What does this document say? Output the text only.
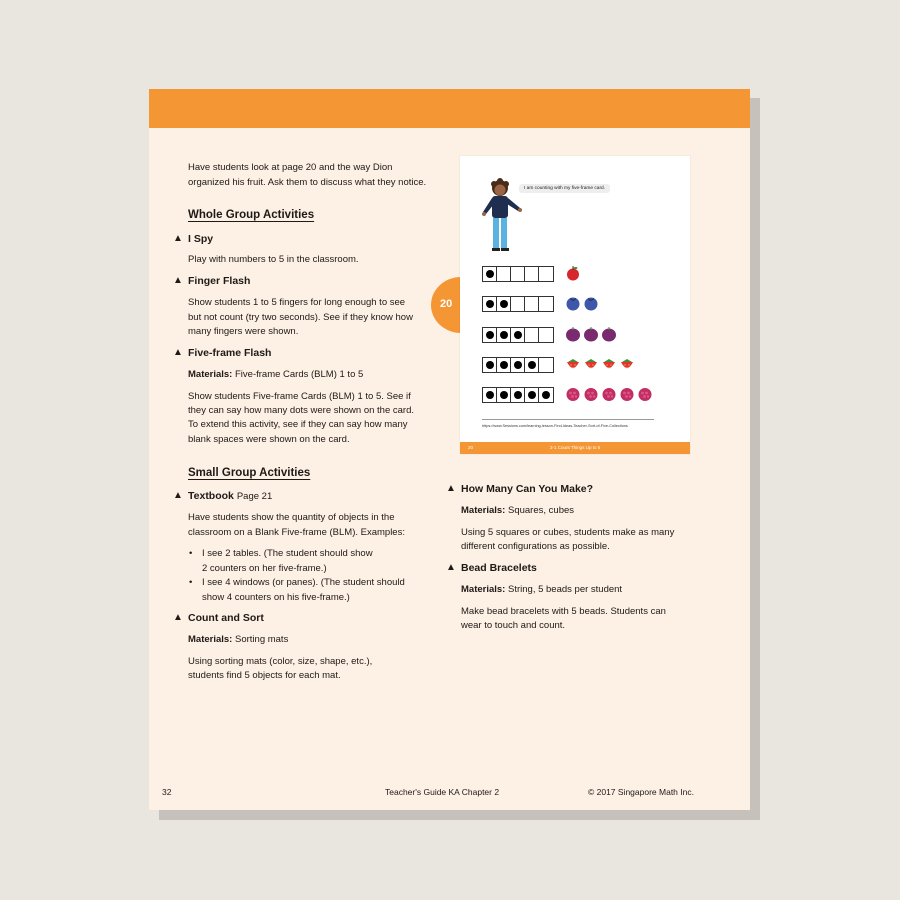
Have students look at page 20 and the way Dion
organized his fruit. Ask them to discuss what they notice.
Whole Group Activities
▲ I Spy
Play with numbers to 5 in the classroom.
▲ Finger Flash
Show students 1 to 5 fingers for long enough to see
but not count (try two seconds). See if they know how
many fingers were shown.
▲ Five-frame Flash
Materials: Five-frame Cards (BLM) 1 to 5
Show students Five-frame Cards (BLM) 1 to 5. See if
they can say how many dots were shown on the card.
To extend this activity, see if they can say how many
blank spaces were shown on the card.
Small Group Activities
▲ Textbook Page 21
Have students show the quantity of objects in the
classroom on a Blank Five-frame (BLM). Examples:
• I see 2 tables. (The student should show
2 counters on her five-frame.)
• I see 4 windows (or panes). (The student should
show 4 counters on his five-frame.)
▲ Count and Sort
Materials: Sorting mats
Using sorting mats (color, size, shape, etc.),
students find 5 objects for each mat.
▲ How Many Can You Make?
Materials: Squares, cubes
Using 5 squares or cubes, students make as many
different configurations as possible.
▲ Bead Bracelets
Materials: String, 5 beads per student
Make bead bracelets with 5 beads. Students can
wear to touch and count.
20
I am counting with my five-frame card.
https://www.Sessions.com/learning-lesson-Find-Ideas-Teacher-Sort-of-Five-Collections
20	2-1 Count Things Up to 5
32	Teacher's Guide KA Chapter 2	© 2017 Singapore Math Inc.
